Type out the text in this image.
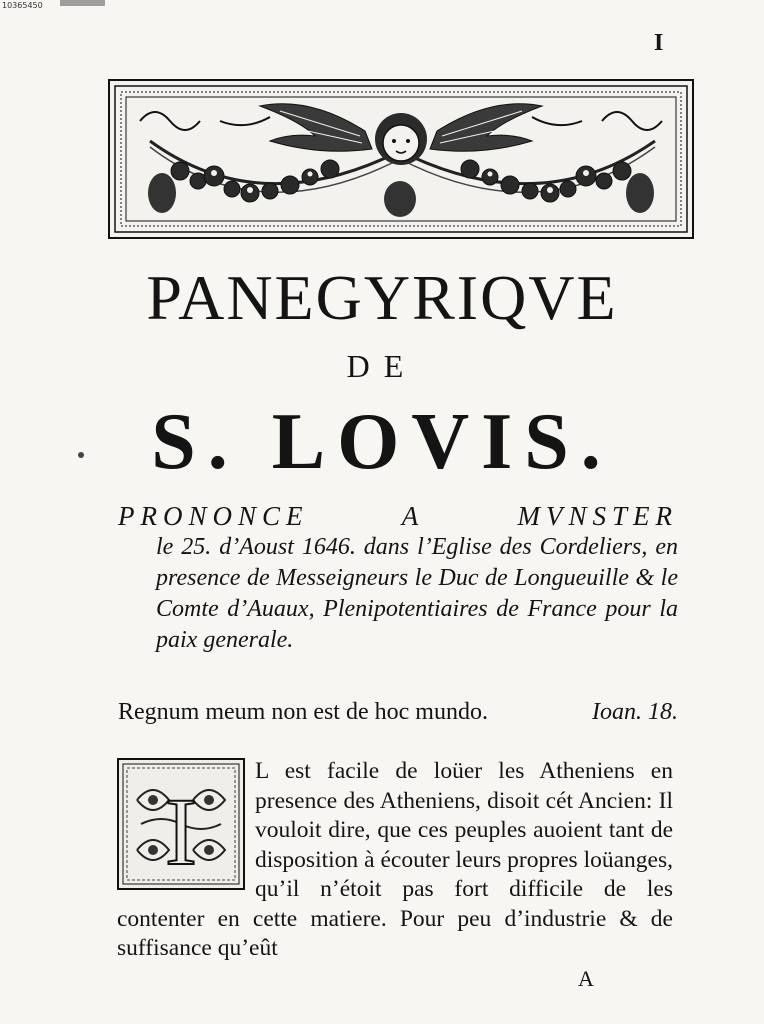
10365450
I
PANEGYRIQVE
DE
S. LOVIS.
PRONONCE A MVNSTER
le 25. d’Aoust 1646. dans l’Eglise des Cordeliers, en presence de Messeigneurs le Duc de Longueuille & le Comte d’Auaux, Plenipotentiaires de France pour la paix generale.
Regnum meum non est de hoc mundo.	Ioan. 18.
L est facile de loüer les Atheniens en presence des Atheniens, disoit cét Ancien: Il vouloit dire, que ces peuples auoient tant de disposition à écouter leurs propres loüanges, qu’il n’étoit pas fort difficile de les contenter en cette matiere. Pour peu d’industrie & de suffisance qu’eût
I
A
